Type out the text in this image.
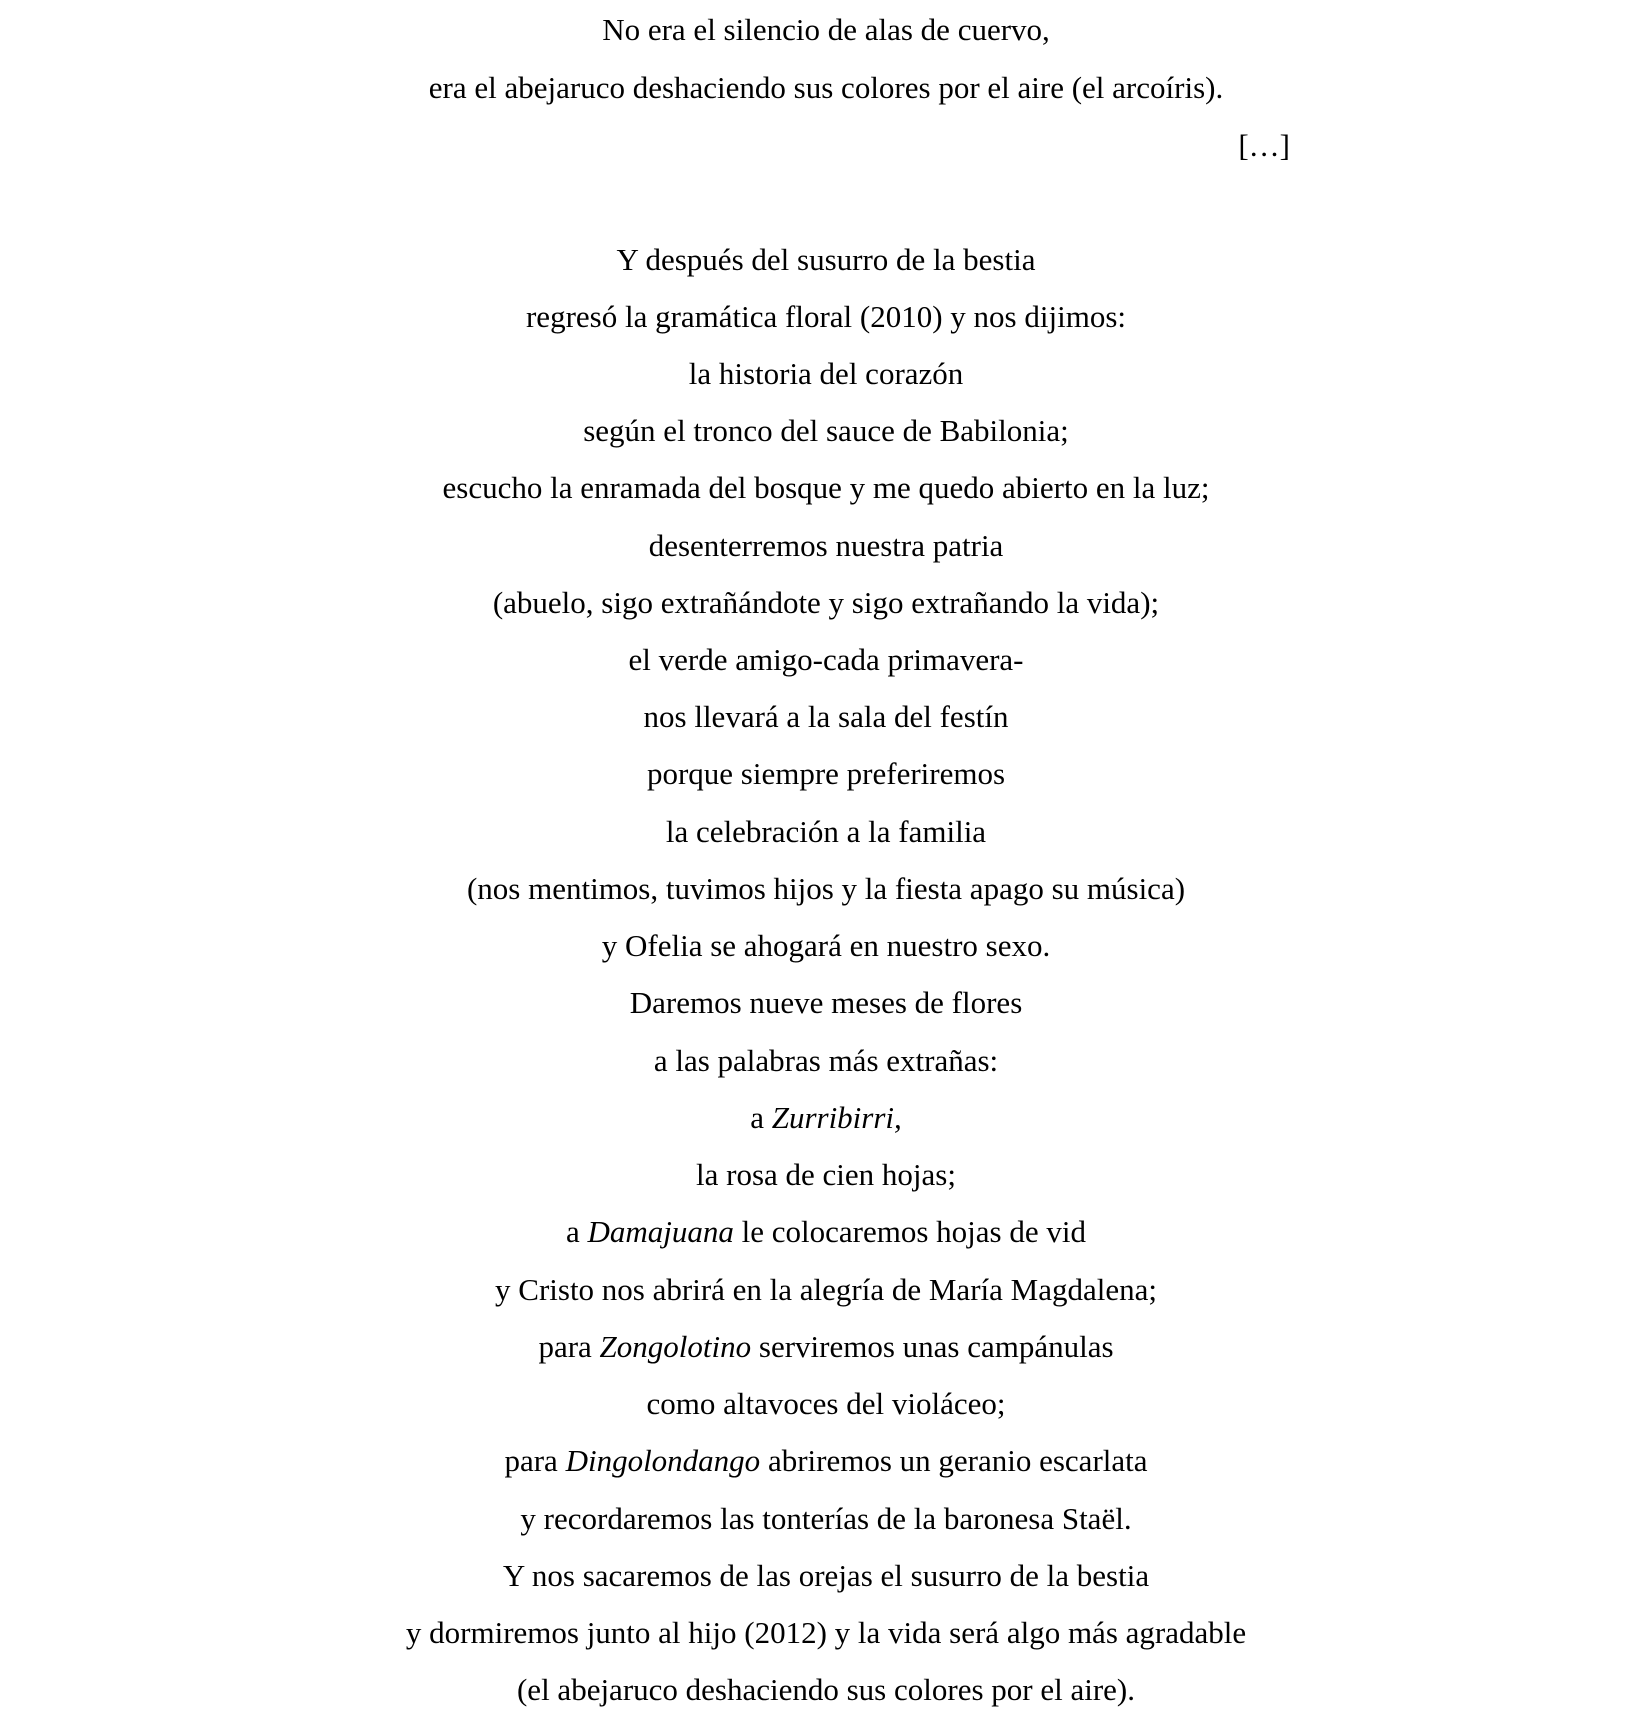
No era el silencio de alas de cuervo,
era el abejaruco deshaciendo sus colores por el aire (el arcoíris).
[…]
Y después del susurro de la bestia
regresó la gramática floral (2010) y nos dijimos:
la historia del corazón
según el tronco del sauce de Babilonia;
escucho la enramada del bosque y me quedo abierto en la luz;
desenterremos nuestra patria
(abuelo, sigo extrañándote y sigo extrañando la vida);
el verde amigo-cada primavera-
nos llevará a la sala del festín
porque siempre preferiremos
la celebración a la familia
(nos mentimos, tuvimos hijos y la fiesta apago su música)
y Ofelia se ahogará en nuestro sexo.
Daremos nueve meses de flores
a las palabras más extrañas:
a Zurribirri,
la rosa de cien hojas;
a Damajuana le colocaremos hojas de vid
y Cristo nos abrirá en la alegría de María Magdalena;
para Zongolotino serviremos unas campánulas
como altavoces del violáceo;
para Dingolondango abriremos un geranio escarlata
y recordaremos las tonterías de la baronesa Staël.
Y nos sacaremos de las orejas el susurro de la bestia
y dormiremos junto al hijo (2012) y la vida será algo más agradable
(el abejaruco deshaciendo sus colores por el aire).
